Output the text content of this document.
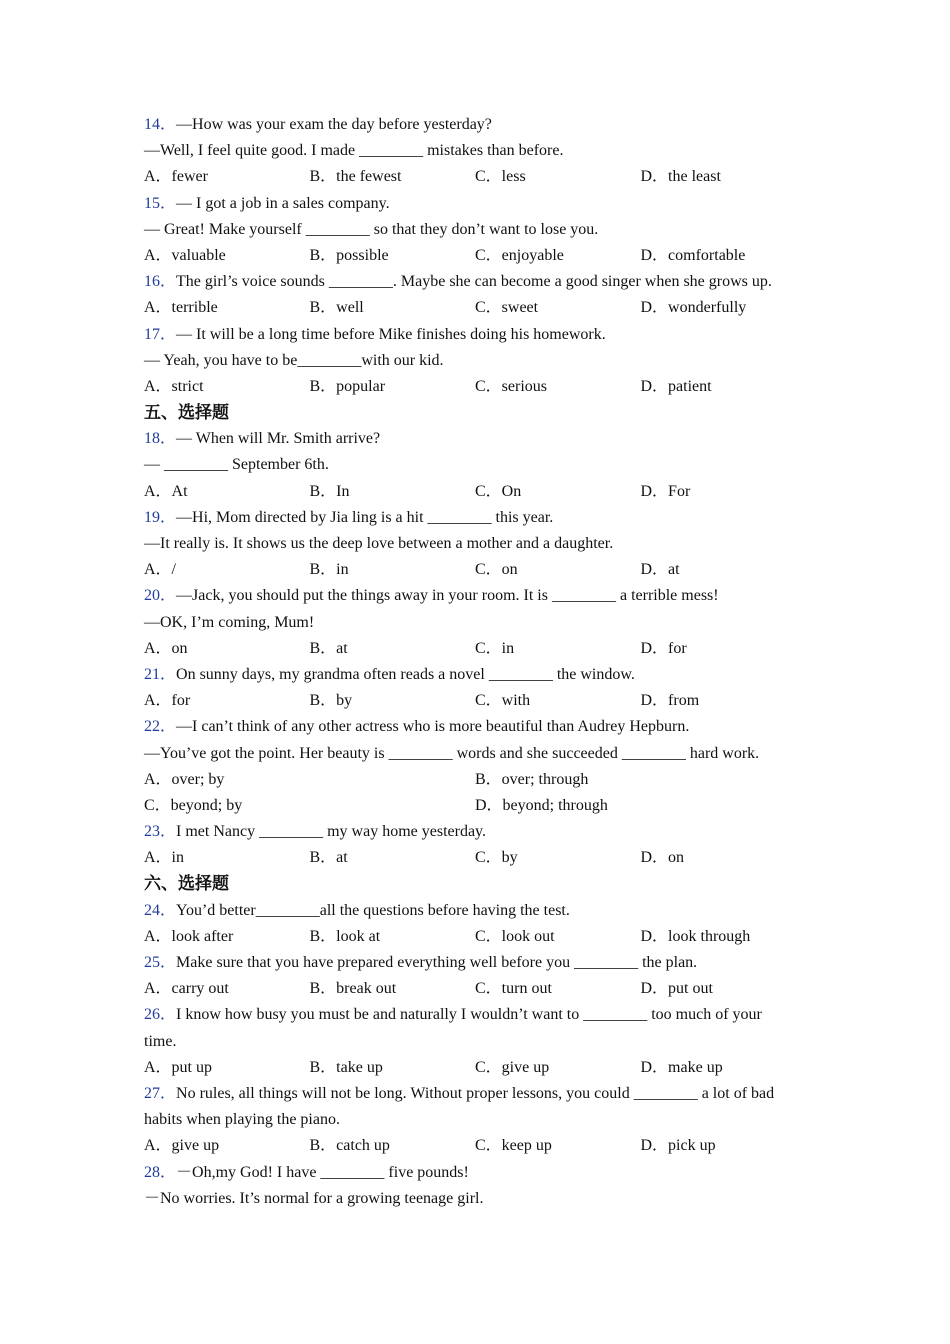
14．—How was your exam the day before yesterday?
—Well, I feel quite good. I made ________ mistakes than before.
A．fewer	B．the fewest	C．less	D．the least
15．— I got a job in a sales company.
— Great! Make yourself ________ so that they don’t want to lose you.
A．valuable	B．possible	C．enjoyable	D．comfortable
16．The girl’s voice sounds ________. Maybe she can become a good singer when she grows up.
A．terrible	B．well	C．sweet	D．wonderfully
17．— It will be a long time before Mike finishes doing his homework.
— Yeah, you have to be________with our kid.
A．strict	B．popular	C．serious	D．patient
五、选择题
18．— When will Mr. Smith arrive?
— ________ September 6th.
A．At	B．In	C．On	D．For
19．—Hi, Mom directed by Jia ling is a hit ________ this year.
—It really is. It shows us the deep love between a mother and a daughter.
A．/	B．in	C．on	D．at
20．—Jack, you should put the things away in your room. It is ________ a terrible mess!
—OK, I’m coming, Mum!
A．on	B．at	C．in	D．for
21．On sunny days, my grandma often reads a novel ________ the window.
A．for	B．by	C．with	D．from
22．—I can’t think of any other actress who is more beautiful than Audrey Hepburn.
—You’ve got the point. Her beauty is ________ words and she succeeded ________ hard work.
A．over; by	B．over; through
C．beyond; by	D．beyond; through
23．I met Nancy ________ my way home yesterday.
A．in	B．at	C．by	D．on
六、选择题
24．You’d better________all the questions before having the test.
A．look after	B．look at	C．look out	D．look through
25．Make sure that you have prepared everything well before you ________ the plan.
A．carry out	B．break out	C．turn out	D．put out
26．I know how busy you must be and naturally I wouldn’t want to ________ too much of your
time.
A．put up	B．take up	C．give up	D．make up
27．No rules, all things will not be long. Without proper lessons, you could ________ a lot of bad
habits when playing the piano.
A．give up	B．catch up	C．keep up	D．pick up
28．－Oh,my God! I have ________ five pounds!
－No worries. It’s normal for a growing teenage girl.
